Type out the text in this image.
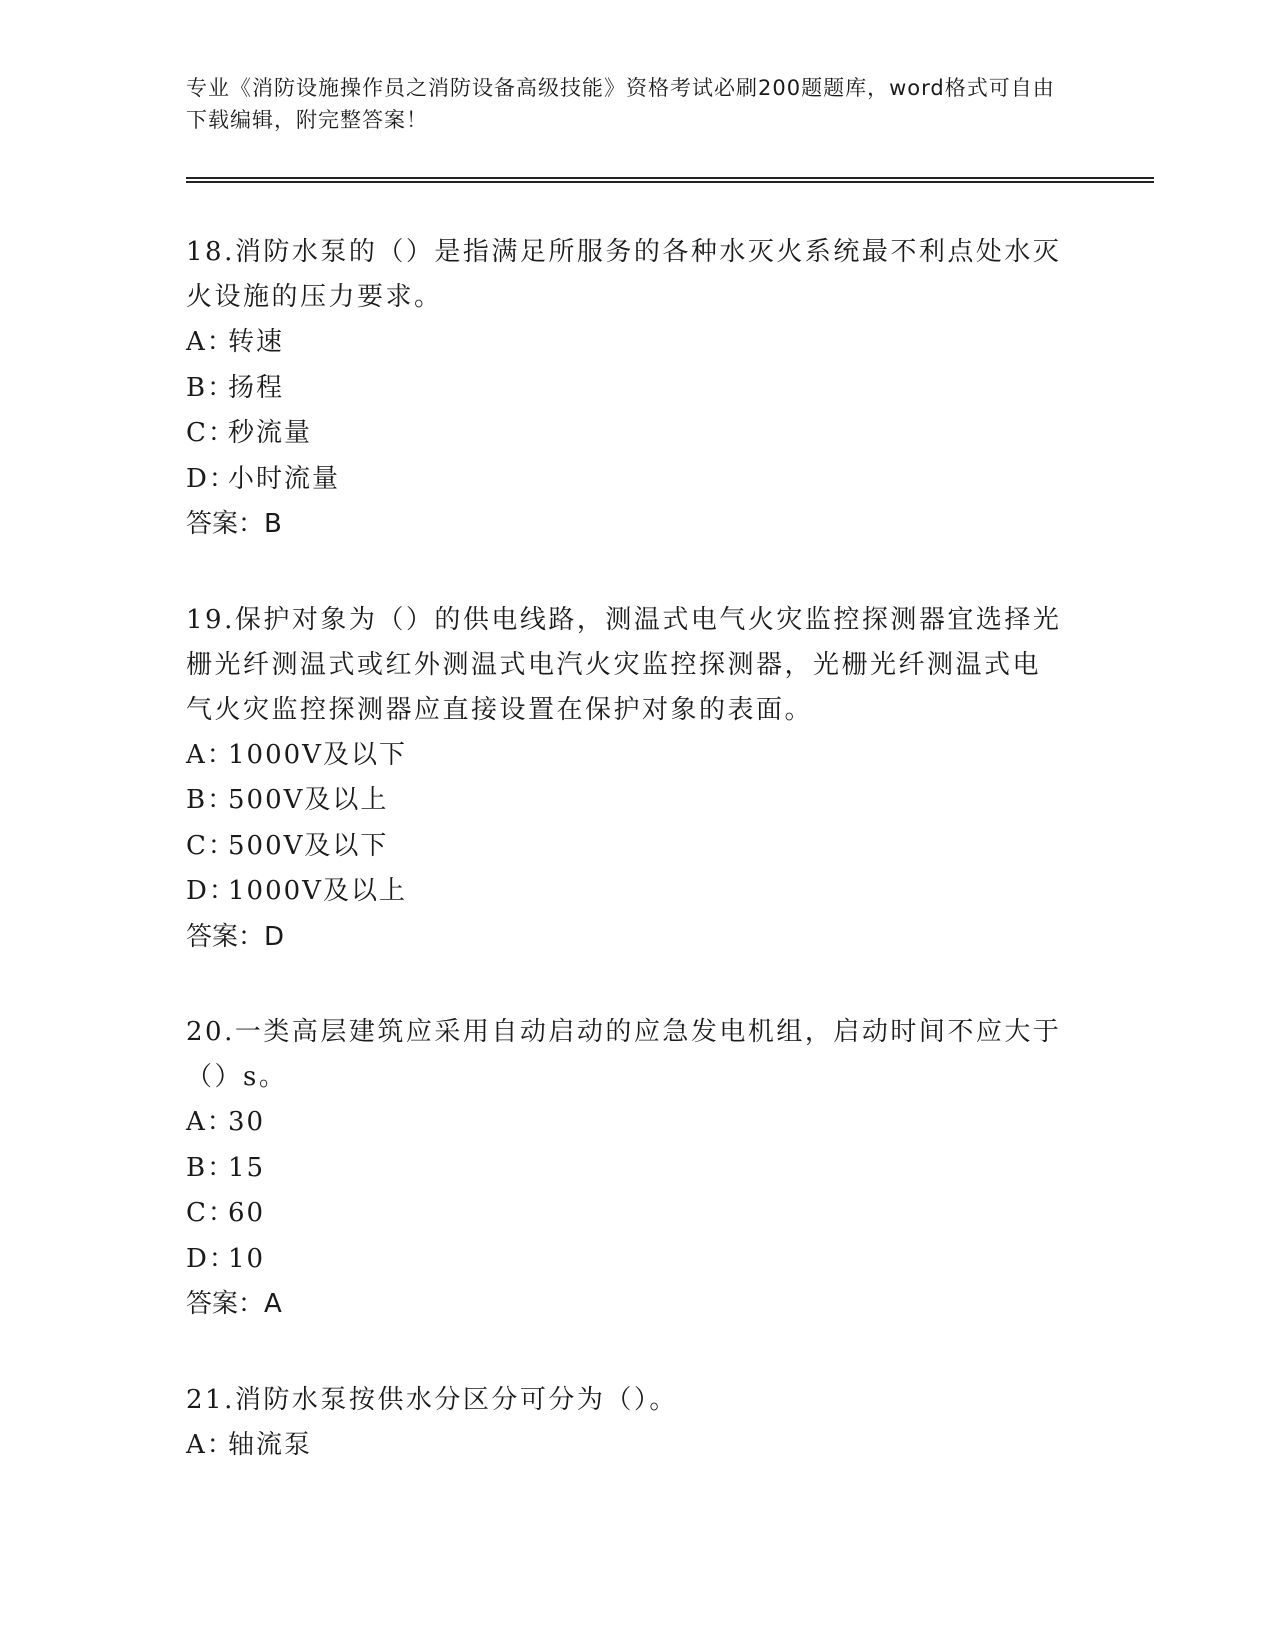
专业《消防设施操作员之消防设备高级技能》资格考试必刷200题题库，word格式可自由下载编辑，附完整答案！

18.消防水泵的（）是指满足所服务的各种水灭火系统最不利点处水灭火设施的压力要求。

A：转速

B：扬程

C：秒流量

D：小时流量

答案：B

19.保护对象为（）的供电线路，测温式电气火灾监控探测器宜选择光栅光纤测温式或红外测温式电汽火灾监控探测器，光栅光纤测温式电气火灾监控探测器应直接设置在保护对象的表面。

A：1000V及以下

B：500V及以上

C：500V及以下

D：1000V及以上

答案：D

20.一类高层建筑应采用自动启动的应急发电机组，启动时间不应大于（）s。

A：30

B：15

C：60

D：10

答案：A

21.消防水泵按供水分区分可分为（）。

A：轴流泵
